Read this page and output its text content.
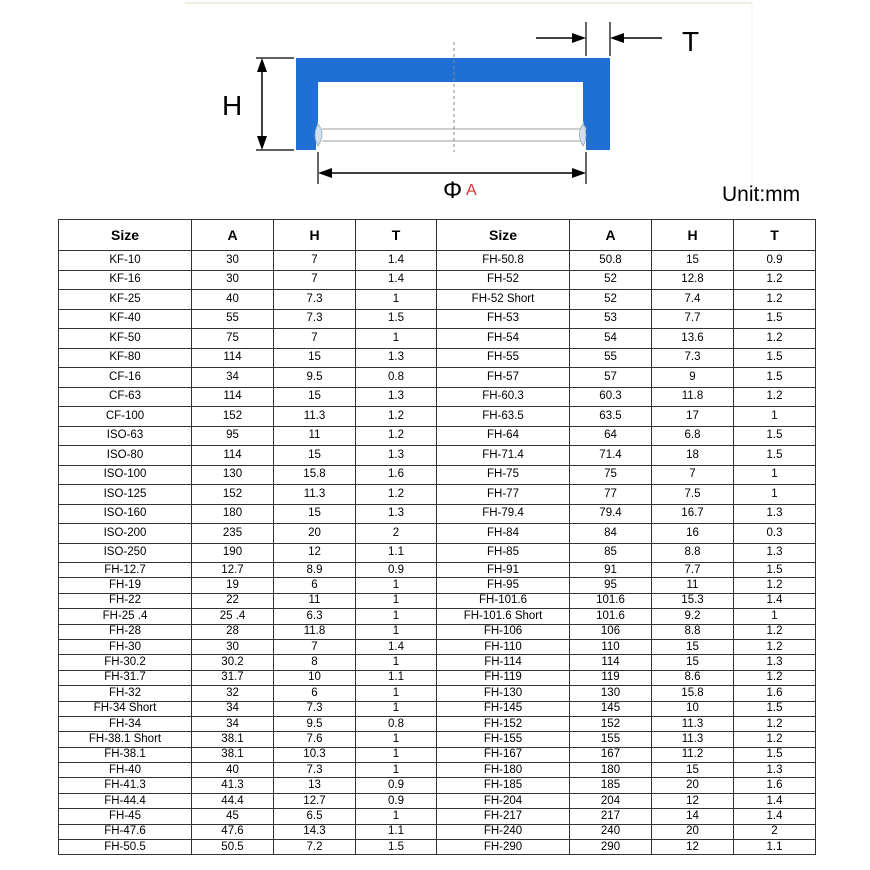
H
T
Φ A	Unit:mm
Size	A	H	T	Size	A	H	T
KF-10	30	7	1.4	FH-50.8	50.8	15	0.9
KF-16	30	7	1.4	FH-52	52	12.8	1.2
KF-25	40	7.3	1	FH-52 Short	52	7.4	1.2
KF-40	55	7.3	1.5	FH-53	53	7.7	1.5
KF-50	75	7	1	FH-54	54	13.6	1.2
KF-80	114	15	1.3	FH-55	55	7.3	1.5
CF-16	34	9.5	0.8	FH-57	57	9	1.5
CF-63	114	15	1.3	FH-60.3	60.3	11.8	1.2
CF-100	152	11.3	1.2	FH-63.5	63.5	17	1
ISO-63	95	11	1.2	FH-64	64	6.8	1.5
ISO-80	114	15	1.3	FH-71.4	71.4	18	1.5
ISO-100	130	15.8	1.6	FH-75	75	7	1
ISO-125	152	11.3	1.2	FH-77	77	7.5	1
ISO-160	180	15	1.3	FH-79.4	79.4	16.7	1.3
ISO-200	235	20	2	FH-84	84	16	0.3
ISO-250	190	12	1.1	FH-85	85	8.8	1.3
FH-12.7	12.7	8.9	0.9	FH-91	91	7.7	1.5
FH-19	19	6	1	FH-95	95	11	1.2
FH-22	22	11	1	FH-101.6	101.6	15.3	1.4
FH-25 .4	25 .4	6.3	1	FH-101.6 Short	101.6	9.2	1
FH-28	28	11.8	1	FH-106	106	8.8	1.2
FH-30	30	7	1.4	FH-110	110	15	1.2
FH-30.2	30.2	8	1	FH-114	114	15	1.3
FH-31.7	31.7	10	1.1	FH-119	119	8.6	1.2
FH-32	32	6	1	FH-130	130	15.8	1.6
FH-34 Short	34	7.3	1	FH-145	145	10	1.5
FH-34	34	9.5	0.8	FH-152	152	11.3	1.2
FH-38.1 Short	38.1	7.6	1	FH-155	155	11.3	1.2
FH-38.1	38.1	10.3	1	FH-167	167	11.2	1.5
FH-40	40	7.3	1	FH-180	180	15	1.3
FH-41.3	41.3	13	0.9	FH-185	185	20	1.6
FH-44.4	44.4	12.7	0.9	FH-204	204	12	1.4
FH-45	45	6.5	1	FH-217	217	14	1.4
FH-47.6	47.6	14.3	1.1	FH-240	240	20	2
FH-50.5	50.5	7.2	1.5	FH-290	290	12	1.1
